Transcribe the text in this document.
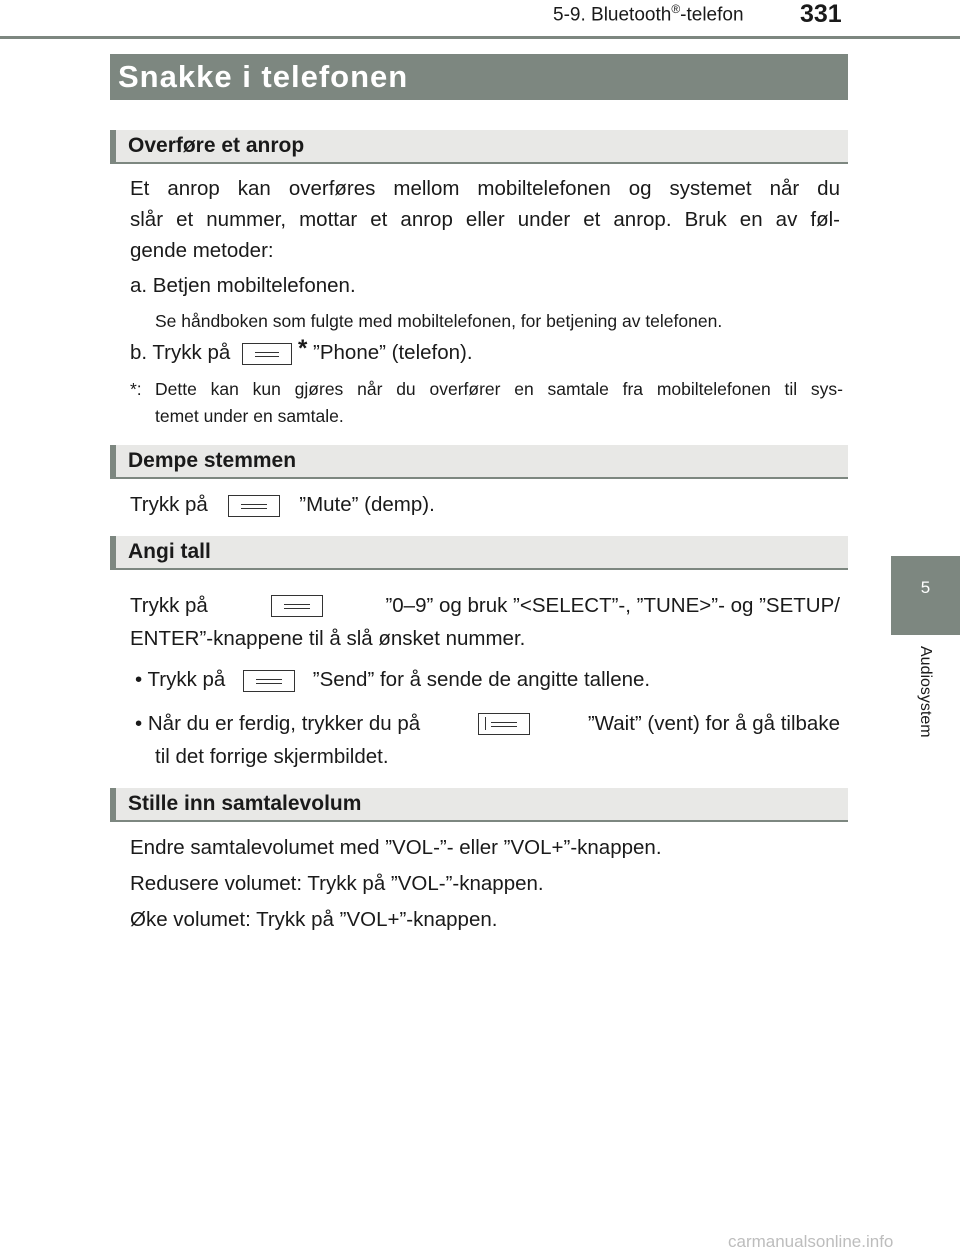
5-9. Bluetooth®-telefon 331
5
Audiosystem
Snakke i telefonen
Overføre et anrop
Et anrop kan overføres mellom mobiltelefonen og systemet når du
slår et nummer, mottar et anrop eller under et anrop. Bruk en av føl-
gende metoder:
a. Betjen mobiltelefonen.
Se håndboken som fulgte med mobiltelefonen, for betjening av telefonen.
b. Trykk på	* ”Phone” (telefon).
*: Dette kan kun gjøres når du overfører en samtale fra mobiltelefonen til sys-
temet under en samtale.
Dempe stemmen
Trykk på	”Mute” (demp).
Angi tall
Trykk på	”0–9” og bruk ”<SELECT”-, ”TUNE>”- og ”SETUP/
ENTER”-knappene til å slå ønsket nummer.
• Trykk på	”Send” for å sende de angitte tallene.
• Når du er ferdig, trykker du på	”Wait” (vent) for å gå tilbake
til det forrige skjermbildet.
Stille inn samtalevolum
Endre samtalevolumet med ”VOL-”- eller ”VOL+”-knappen.
Redusere volumet: Trykk på ”VOL-”-knappen.
Øke volumet: Trykk på ”VOL+”-knappen.
carmanualsonline.info
